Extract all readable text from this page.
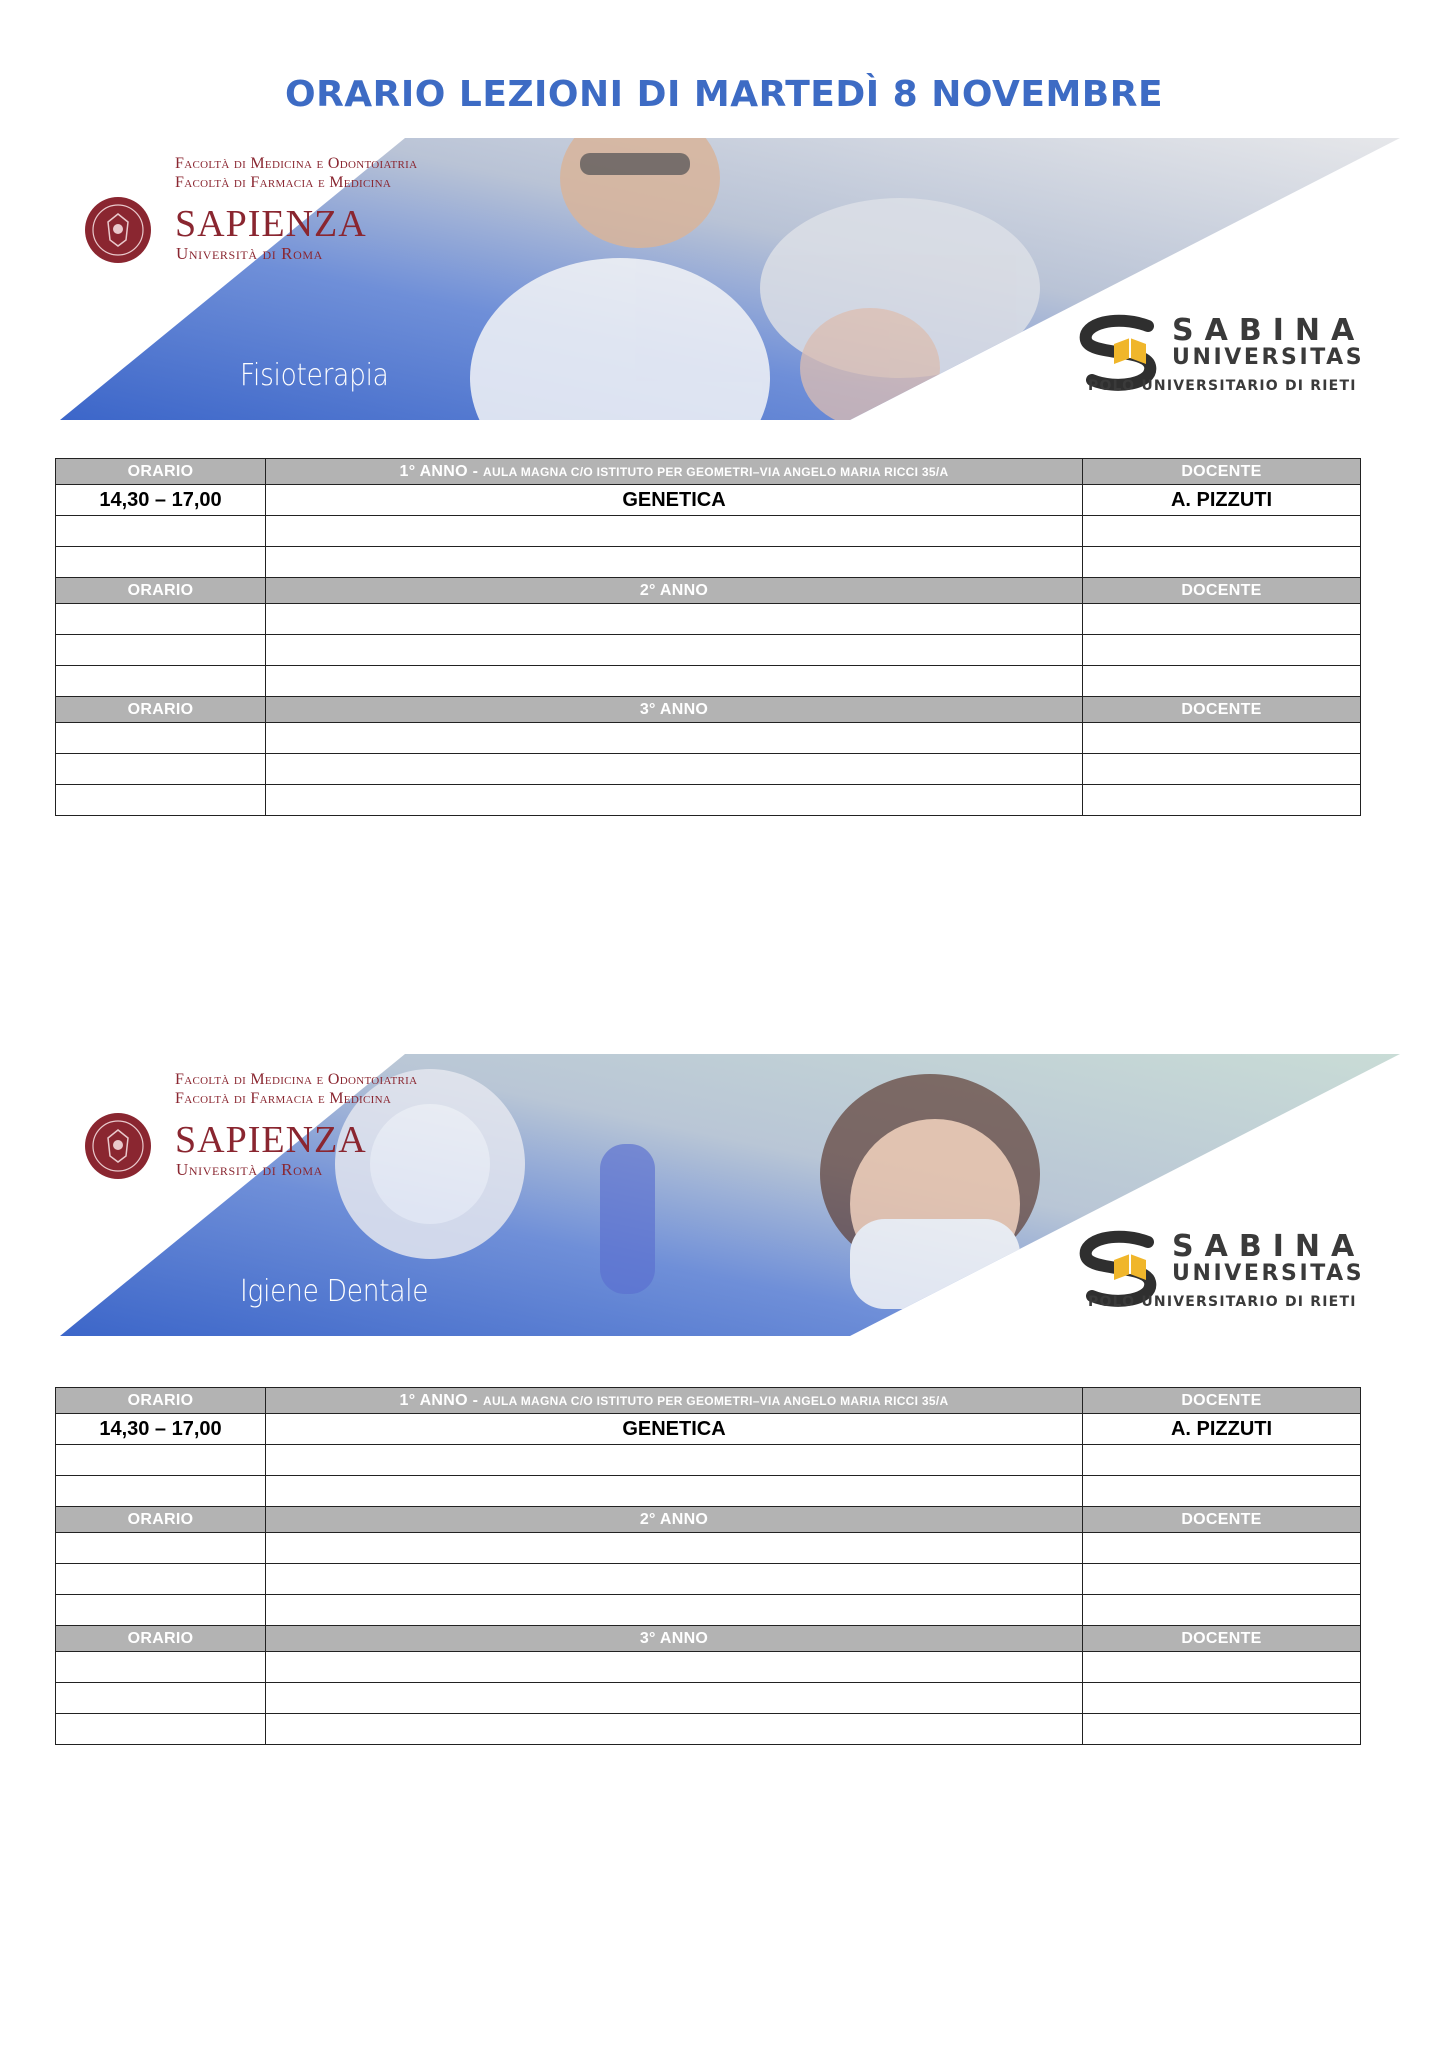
ORARIO LEZIONI DI MARTEDÌ 8 NOVEMBRE
Facoltà di Medicina e Odontoiatria
Facoltà di Farmacia e Medicina
SAPIENZA
Università di Roma
Fisioterapia
SABINA
UNIVERSITAS
POLO UNIVERSITARIO DI RIETI
ORARIO	1° ANNO - AULA MAGNA C/O ISTITUTO PER GEOMETRI–VIA ANGELO MARIA RICCI 35/A	DOCENTE
14,30 – 17,00	GENETICA	A. PIZZUTI

ORARIO	2° ANNO	DOCENTE

ORARIO	3° ANNO	DOCENTE

Facoltà di Medicina e Odontoiatria
Facoltà di Farmacia e Medicina
SAPIENZA
Università di Roma
Igiene Dentale
SABINA
UNIVERSITAS
POLO UNIVERSITARIO DI RIETI
ORARIO	1° ANNO - AULA MAGNA C/O ISTITUTO PER GEOMETRI–VIA ANGELO MARIA RICCI 35/A	DOCENTE
14,30 – 17,00	GENETICA	A. PIZZUTI

ORARIO	2° ANNO	DOCENTE

ORARIO	3° ANNO	DOCENTE
